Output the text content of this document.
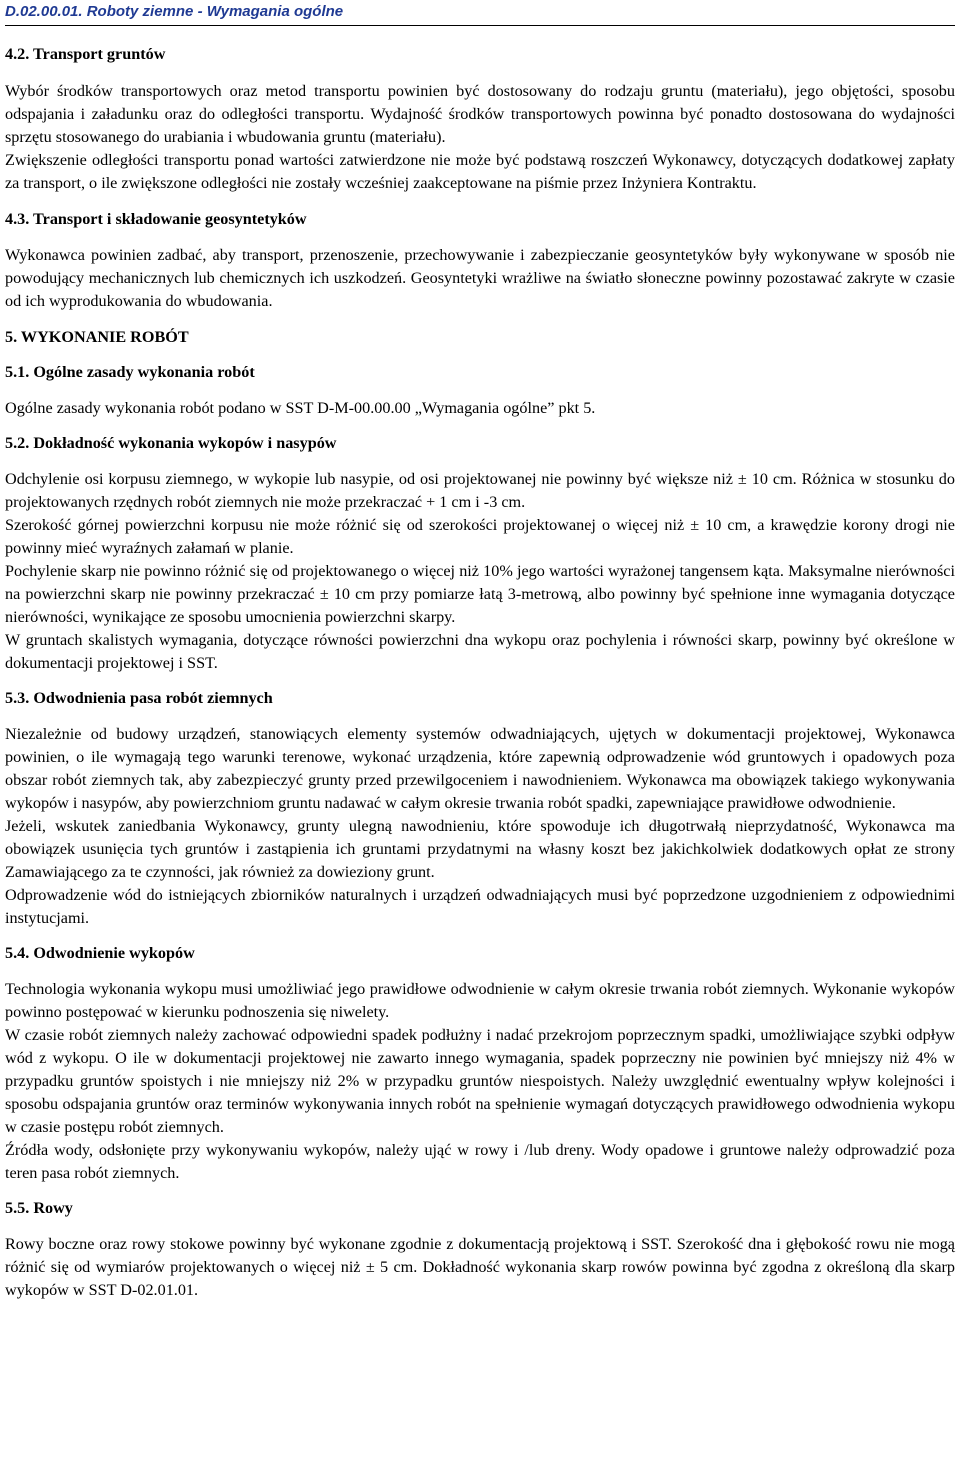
D.02.00.01. Roboty ziemne - Wymagania ogólne
4.2. Transport gruntów

Wybór środków transportowych oraz metod transportu powinien być dostosowany do rodzaju gruntu (materiału), jego objętości, sposobu odspajania i załadunku oraz do odległości transportu. Wydajność środków transportowych powinna być ponadto dostosowana do wydajności sprzętu stosowanego do urabiania i wbudowania gruntu (materiału).

Zwiększenie odległości transportu ponad wartości zatwierdzone nie może być podstawą roszczeń Wykonawcy, dotyczących dodatkowej zapłaty za transport, o ile zwiększone odległości nie zostały wcześniej zaakceptowane na piśmie przez Inżyniera Kontraktu.

4.3. Transport i składowanie geosyntetyków

Wykonawca powinien zadbać, aby transport, przenoszenie, przechowywanie i zabezpieczanie geosyntetyków były wykonywane w sposób nie powodujący mechanicznych lub chemicznych ich uszkodzeń. Geosyntetyki wrażliwe na światło słoneczne powinny pozostawać zakryte w czasie od ich wyprodukowania do wbudowania.

5. WYKONANIE ROBÓT
5.1. Ogólne zasady wykonania robót

Ogólne zasady wykonania robót podano w SST D-M-00.00.00 „Wymagania ogólne” pkt 5.

5.2. Dokładność wykonania wykopów i nasypów

Odchylenie osi korpusu ziemnego, w wykopie lub nasypie, od osi projektowanej nie powinny być większe niż ± 10 cm. Różnica w stosunku do projektowanych rzędnych robót ziemnych nie może przekraczać + 1 cm i -3 cm.

Szerokość górnej powierzchni korpusu nie może różnić się od szerokości projektowanej o więcej niż ± 10 cm, a krawędzie korony drogi nie powinny mieć wyraźnych załamań w planie.

Pochylenie skarp nie powinno różnić się od projektowanego o więcej niż 10% jego wartości wyrażonej tangensem kąta. Maksymalne nierówności na powierzchni skarp nie powinny przekraczać ± 10 cm przy pomiarze łatą 3-metrową, albo powinny być spełnione inne wymagania dotyczące nierówności, wynikające ze sposobu umocnienia powierzchni skarpy.

W gruntach skalistych wymagania, dotyczące równości powierzchni dna wykopu oraz pochylenia i równości skarp, powinny być określone w dokumentacji projektowej i SST.

5.3. Odwodnienia pasa robót ziemnych

Niezależnie od budowy urządzeń, stanowiących elementy systemów odwadniających, ujętych w dokumentacji projektowej, Wykonawca powinien, o ile wymagają tego warunki terenowe, wykonać urządzenia, które zapewnią odprowadzenie wód gruntowych i opadowych poza obszar robót ziemnych tak, aby zabezpieczyć grunty przed przewilgoceniem i nawodnieniem. Wykonawca ma obowiązek takiego wykonywania wykopów i nasypów, aby powierzchniom gruntu nadawać w całym okresie trwania robót spadki, zapewniające prawidłowe odwodnienie.

Jeżeli, wskutek zaniedbania Wykonawcy, grunty ulegną nawodnieniu, które spowoduje ich długotrwałą nieprzydatność, Wykonawca ma obowiązek usunięcia tych gruntów i zastąpienia ich gruntami przydatnymi na własny koszt bez jakichkolwiek dodatkowych opłat ze strony Zamawiającego za te czynności, jak również za dowieziony grunt.

Odprowadzenie wód do istniejących zbiorników naturalnych i urządzeń odwadniających musi być poprzedzone uzgodnieniem z odpowiednimi instytucjami.

5.4. Odwodnienie wykopów

Technologia wykonania wykopu musi umożliwiać jego prawidłowe odwodnienie w całym okresie trwania robót ziemnych. Wykonanie wykopów powinno postępować w kierunku podnoszenia się niwelety.

W czasie robót ziemnych należy zachować odpowiedni spadek podłużny i nadać przekrojom poprzecznym spadki, umożliwiające szybki odpływ wód z wykopu. O ile w dokumentacji projektowej nie zawarto innego wymagania, spadek poprzeczny nie powinien być mniejszy niż 4% w przypadku gruntów spoistych i nie mniejszy niż 2% w przypadku gruntów niespoistych. Należy uwzględnić ewentualny wpływ kolejności i sposobu odspajania gruntów oraz terminów wykonywania innych robót na spełnienie wymagań dotyczących prawidłowego odwodnienia wykopu w czasie postępu robót ziemnych.

Źródła wody, odsłonięte przy wykonywaniu wykopów, należy ująć w rowy i /lub dreny. Wody opadowe i gruntowe należy odprowadzić poza teren pasa robót ziemnych.

5.5. Rowy

Rowy boczne oraz rowy stokowe powinny być wykonane zgodnie z dokumentacją projektową i SST. Szerokość dna i głębokość rowu nie mogą różnić się od wymiarów projektowanych o więcej niż ± 5 cm. Dokładność wykonania skarp rowów powinna być zgodna z określoną dla skarp wykopów w SST D-02.01.01.
